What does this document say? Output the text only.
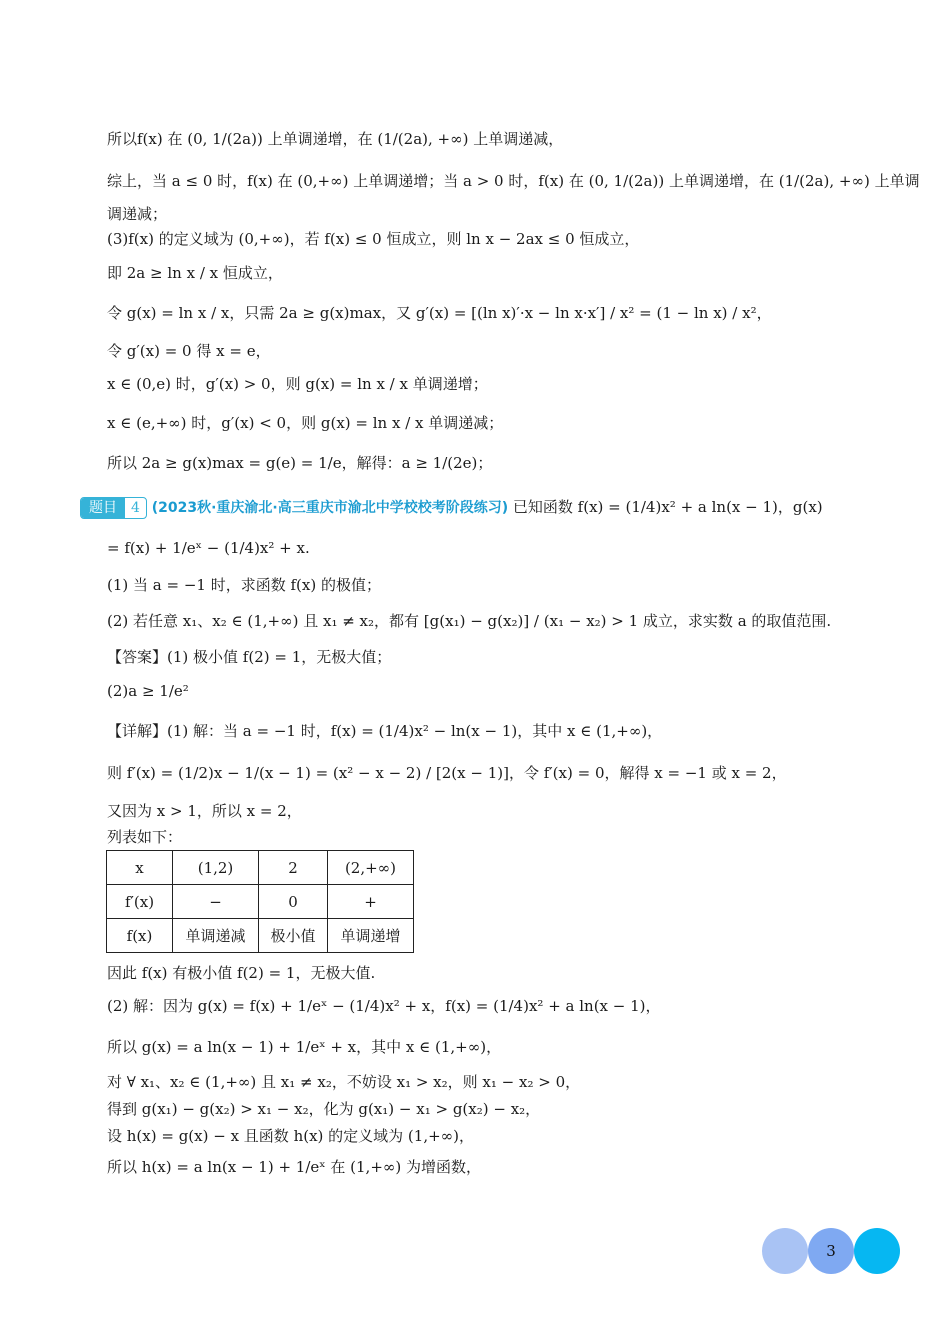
所以f(x) 在 (0, 1/(2a)) 上单调递增，在 (1/(2a), +∞) 上单调递减，
综上，当 a ≤ 0 时，f(x) 在 (0,+∞) 上单调递增；当 a > 0 时，f(x) 在 (0, 1/(2a)) 上单调递增，在 (1/(2a), +∞) 上单调
调递减；
(3)f(x) 的定义域为 (0,+∞)，若 f(x) ≤ 0 恒成立，则 ln x − 2ax ≤ 0 恒成立，
即 2a ≥ ln x / x 恒成立，
令 g(x) = ln x / x，只需 2a ≥ g(x)max，又 g′(x) = [(ln x)′·x − ln x·x′] / x² = (1 − ln x) / x²，
令 g′(x) = 0 得 x = e，
x ∈ (0,e) 时，g′(x) > 0，则 g(x) = ln x / x 单调递增；
x ∈ (e,+∞) 时，g′(x) < 0，则 g(x) = ln x / x 单调递减；
所以 2a ≥ g(x)max = g(e) = 1/e，解得：a ≥ 1/(2e)；
= f(x) + 1/eˣ − (1/4)x² + x.
(1) 当 a = −1 时，求函数 f(x) 的极值；
(2) 若任意 x₁、x₂ ∈ (1,+∞) 且 x₁ ≠ x₂，都有 [g(x₁) − g(x₂)] / (x₁ − x₂) > 1 成立，求实数 a 的取值范围.
【答案】(1) 极小值 f(2) = 1，无极大值；
(2)a ≥ 1/e²
【详解】(1) 解：当 a = −1 时，f(x) = (1/4)x² − ln(x − 1)，其中 x ∈ (1,+∞)，
则 f′(x) = (1/2)x − 1/(x − 1) = (x² − x − 2) / [2(x − 1)]，令 f′(x) = 0，解得 x = −1 或 x = 2，
又因为 x > 1，所以 x = 2，
列表如下：
因此 f(x) 有极小值 f(2) = 1，无极大值.
(2) 解：因为 g(x) = f(x) + 1/eˣ − (1/4)x² + x，f(x) = (1/4)x² + a ln(x − 1)，
所以 g(x) = a ln(x − 1) + 1/eˣ + x，其中 x ∈ (1,+∞)，
对 ∀ x₁、x₂ ∈ (1,+∞) 且 x₁ ≠ x₂，不妨设 x₁ > x₂，则 x₁ − x₂ > 0，
得到 g(x₁) − g(x₂) > x₁ − x₂，化为 g(x₁) − x₁ > g(x₂) − x₂，
设 h(x) = g(x) − x 且函数 h(x) 的定义域为 (1,+∞)，
所以 h(x) = a ln(x − 1) + 1/eˣ 在 (1,+∞) 为增函数，
题目 4 (2023秋·重庆渝北·高三重庆市渝北中学校校考阶段练习) 已知函数 f(x) = (1/4)x² + a ln(x − 1)，g(x)
x	(1,2)	2	(2,+∞)
f′(x)	−	0	+
f(x)	单调递减	极小值	单调递增
3
